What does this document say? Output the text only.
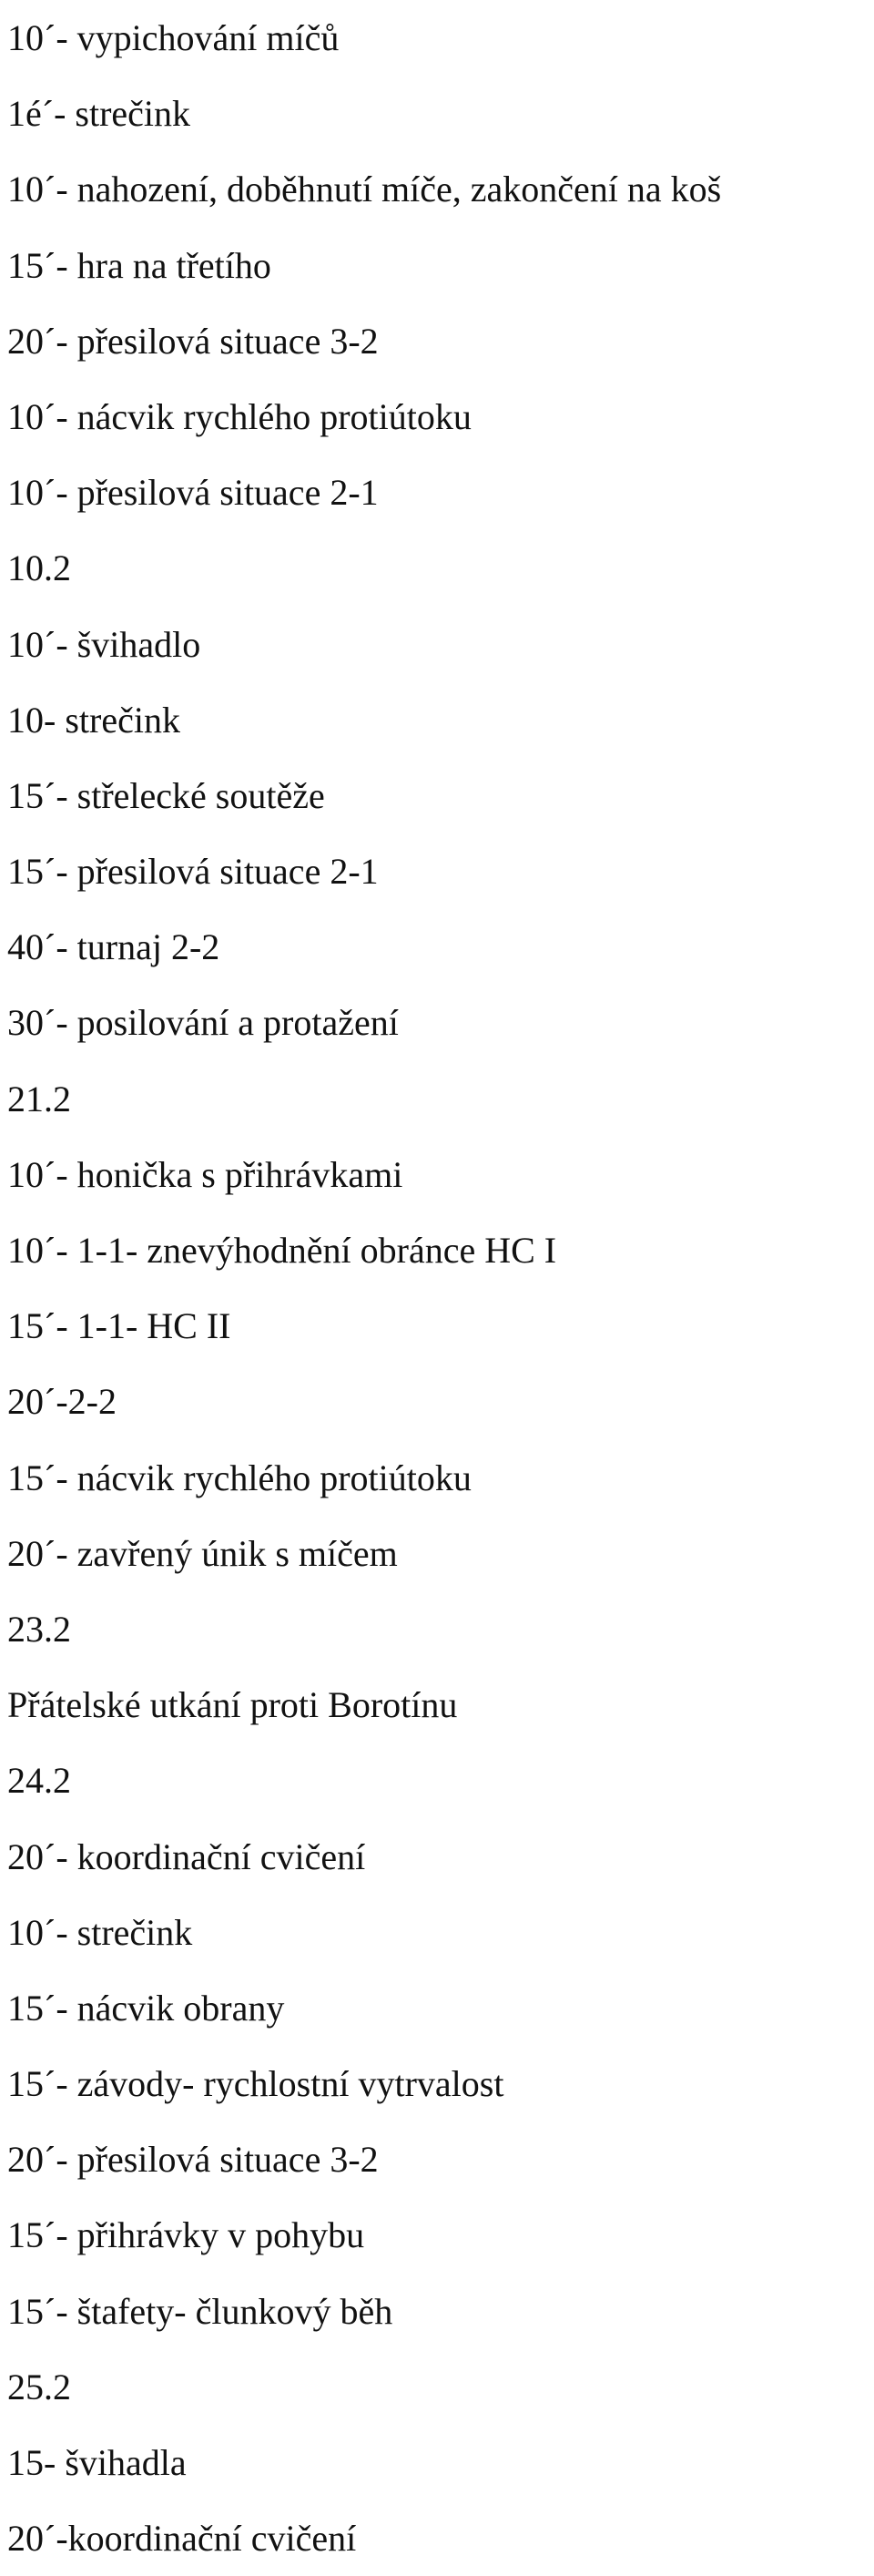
10´- vypichování míčů
1é´- strečink
10´- nahození, doběhnutí míče, zakončení na koš
15´- hra na třetího
20´- přesilová situace 3-2
10´- nácvik rychlého protiútoku
10´- přesilová situace 2-1
10.2
10´- švihadlo
10- strečink
15´- střelecké soutěže
15´- přesilová situace 2-1
40´- turnaj 2-2
30´- posilování a protažení
21.2
10´- honička s přihrávkami
10´- 1-1- znevýhodnění obránce HC I
15´- 1-1- HC II
20´-2-2
15´- nácvik rychlého protiútoku
20´- zavřený únik s míčem
23.2
Přátelské utkání proti Borotínu
24.2
20´- koordinační cvičení
10´- strečink
15´- nácvik obrany
15´- závody- rychlostní vytrvalost
20´- přesilová situace 3-2
15´- přihrávky v pohybu
15´- štafety- člunkový běh
25.2
15- švihadla
20´-koordinační cvičení
